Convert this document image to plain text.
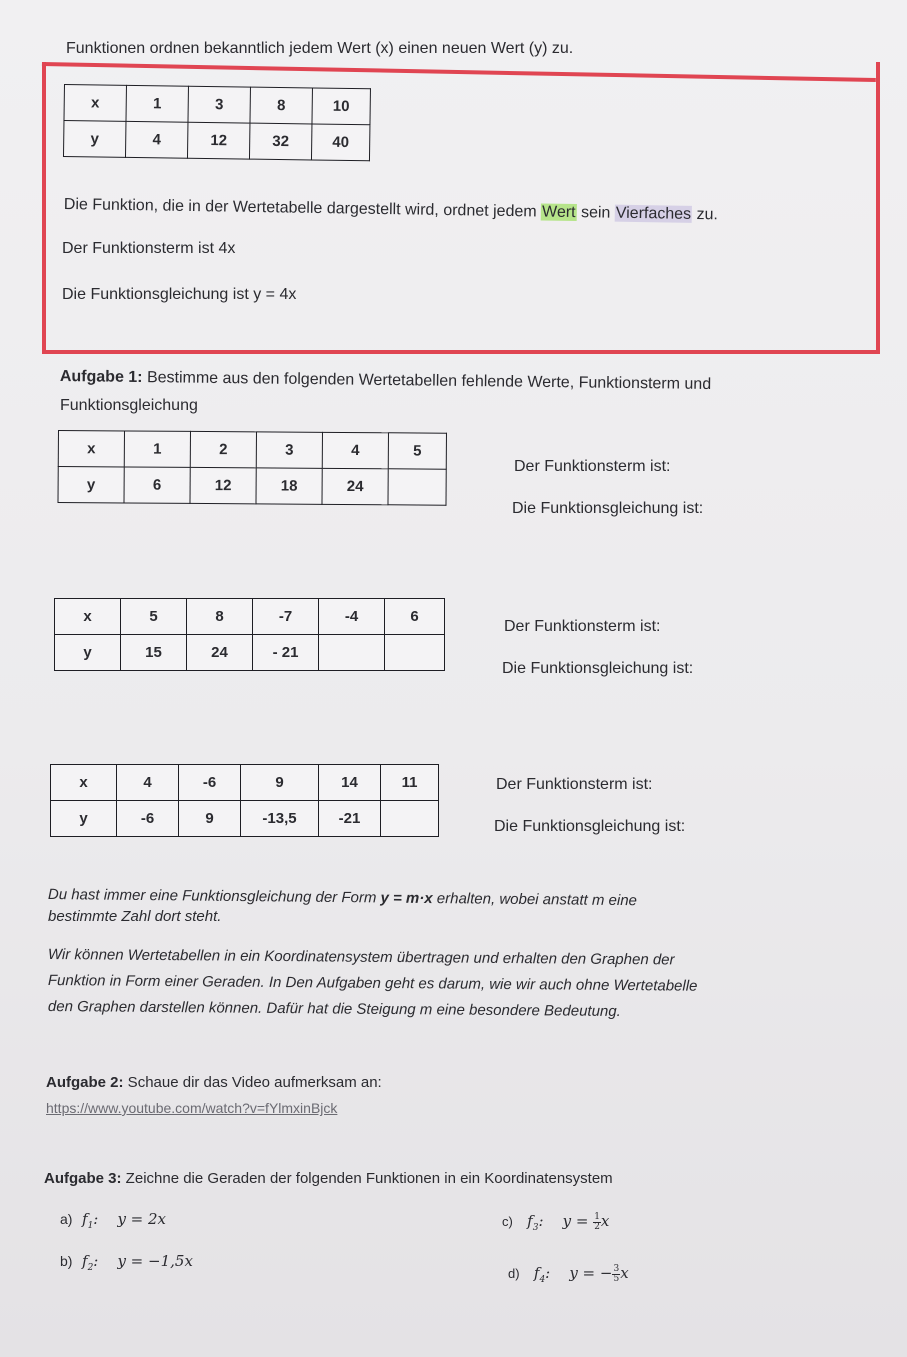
Funktionen ordnen bekanntlich jedem Wert (x) einen neuen Wert (y) zu.
x	1	3	8	10
y	4	12	32	40
Die Funktion, die in der Wertetabelle dargestellt wird, ordnet jedem Wert sein Vierfaches zu.
Der Funktionsterm ist 4x
Die Funktionsgleichung ist y = 4x
Aufgabe 1: Bestimme aus den folgenden Wertetabellen fehlende Werte, Funktionsterm und
Funktionsgleichung
x	1	2	3	4	5
y	6	12	18	24	
Der Funktionsterm ist:
Die Funktionsgleichung ist:
x	5	8	-7	-4	6
y	15	24	- 21		
Der Funktionsterm ist:
Die Funktionsgleichung ist:
x	4	-6	9	14	11
y	-6	9	-13,5	-21	
Der Funktionsterm ist:
Die Funktionsgleichung ist:
Du hast immer eine Funktionsgleichung der Form y = m·x erhalten, wobei anstatt m eine
bestimmte Zahl dort steht.
Wir können Wertetabellen in ein Koordinatensystem übertragen und erhalten den Graphen der
Funktion in Form einer Geraden. In Den Aufgaben geht es darum, wie wir auch ohne Wertetabelle
den Graphen darstellen können. Dafür hat die Steigung m eine besondere Bedeutung.
Aufgabe 2: Schaue dir das Video aufmerksam an:
https://www.youtube.com/watch?v=fYlmxinBjck
Aufgabe 3: Zeichne die Geraden der folgenden Funktionen in ein Koordinatensystem
a) $f_1$:    y = 2x
b) $f_2$:    y = −1,5x
c) $f_3$:    $y = \frac{1}{2}$ x
d) $f_4$:    y = − $\frac{3}{5}$ x
